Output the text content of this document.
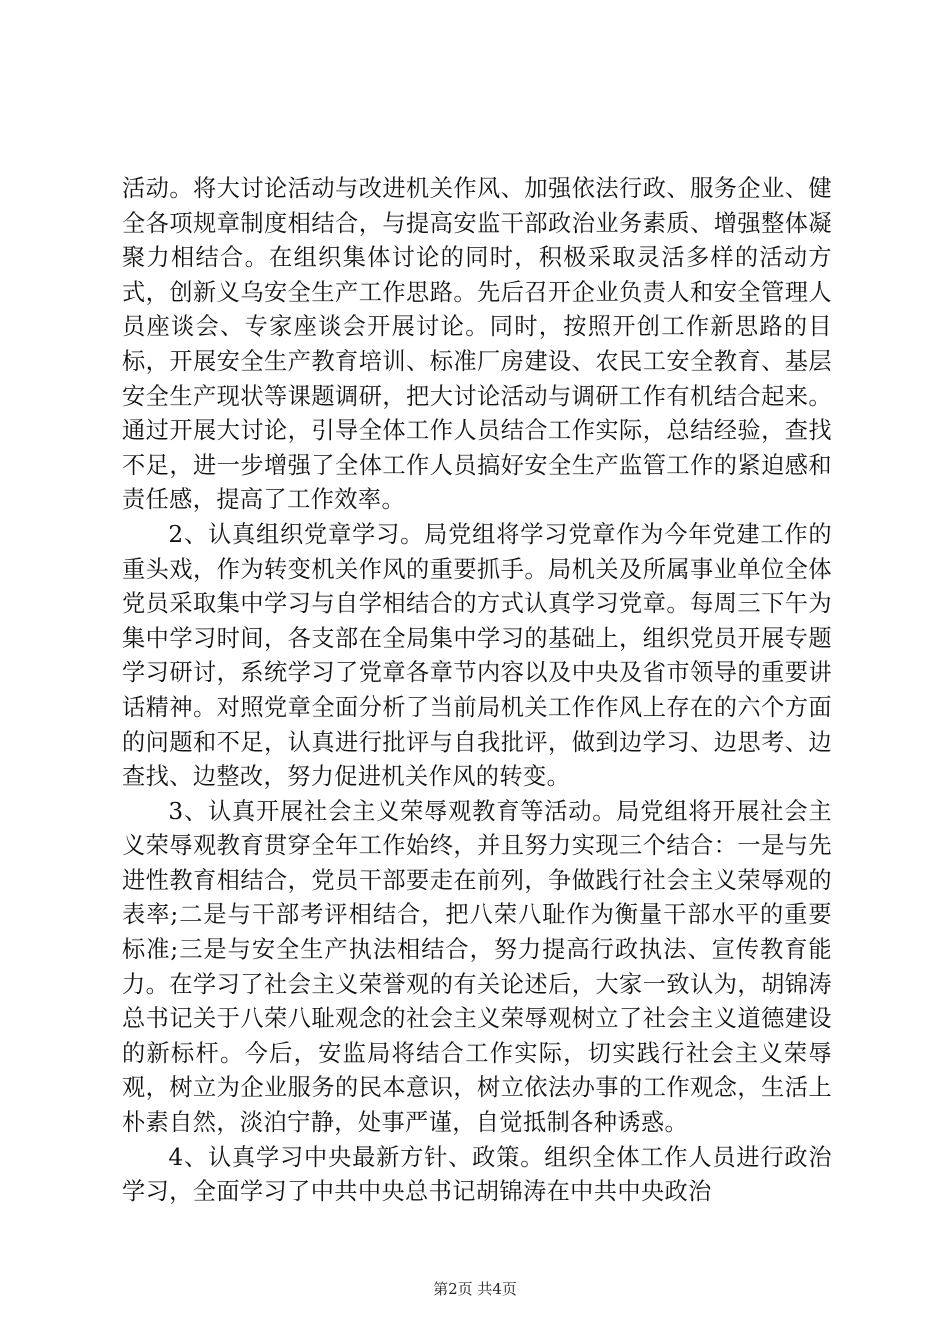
活动。将大讨论活动与改进机关作风、加强依法行政、服务企业、健全各项规章制度相结合，与提高安监干部政治业务素质、增强整体凝聚力相结合。在组织集体讨论的同时，积极采取灵活多样的活动方式，创新义乌安全生产工作思路。先后召开企业负责人和安全管理人员座谈会、专家座谈会开展讨论。同时，按照开创工作新思路的目标，开展安全生产教育培训、标准厂房建设、农民工安全教育、基层安全生产现状等课题调研，把大讨论活动与调研工作有机结合起来。通过开展大讨论，引导全体工作人员结合工作实际，总结经验，查找不足，进一步增强了全体工作人员搞好安全生产监管工作的紧迫感和责任感，提高了工作效率。

2、认真组织党章学习。局党组将学习党章作为今年党建工作的重头戏，作为转变机关作风的重要抓手。局机关及所属事业单位全体党员采取集中学习与自学相结合的方式认真学习党章。每周三下午为集中学习时间，各支部在全局集中学习的基础上，组织党员开展专题学习研讨，系统学习了党章各章节内容以及中央及省市领导的重要讲话精神。对照党章全面分析了当前局机关工作作风上存在的六个方面的问题和不足，认真进行批评与自我批评，做到边学习、边思考、边查找、边整改，努力促进机关作风的转变。

3、认真开展社会主义荣辱观教育等活动。局党组将开展社会主义荣辱观教育贯穿全年工作始终，并且努力实现三个结合：一是与先进性教育相结合，党员干部要走在前列，争做践行社会主义荣辱观的表率;二是与干部考评相结合，把八荣八耻作为衡量干部水平的重要标准;三是与安全生产执法相结合，努力提高行政执法、宣传教育能力。在学习了社会主义荣誉观的有关论述后，大家一致认为，胡锦涛总书记关于八荣八耻观念的社会主义荣辱观树立了社会主义道德建设的新标杆。今后，安监局将结合工作实际，切实践行社会主义荣辱观，树立为企业服务的民本意识，树立依法办事的工作观念，生活上朴素自然，淡泊宁静，处事严谨，自觉抵制各种诱惑。

4、认真学习中央最新方针、政策。组织全体工作人员进行政治学习，全面学习了中共中央总书记胡锦涛在中共中央政治

第2页 共4页
